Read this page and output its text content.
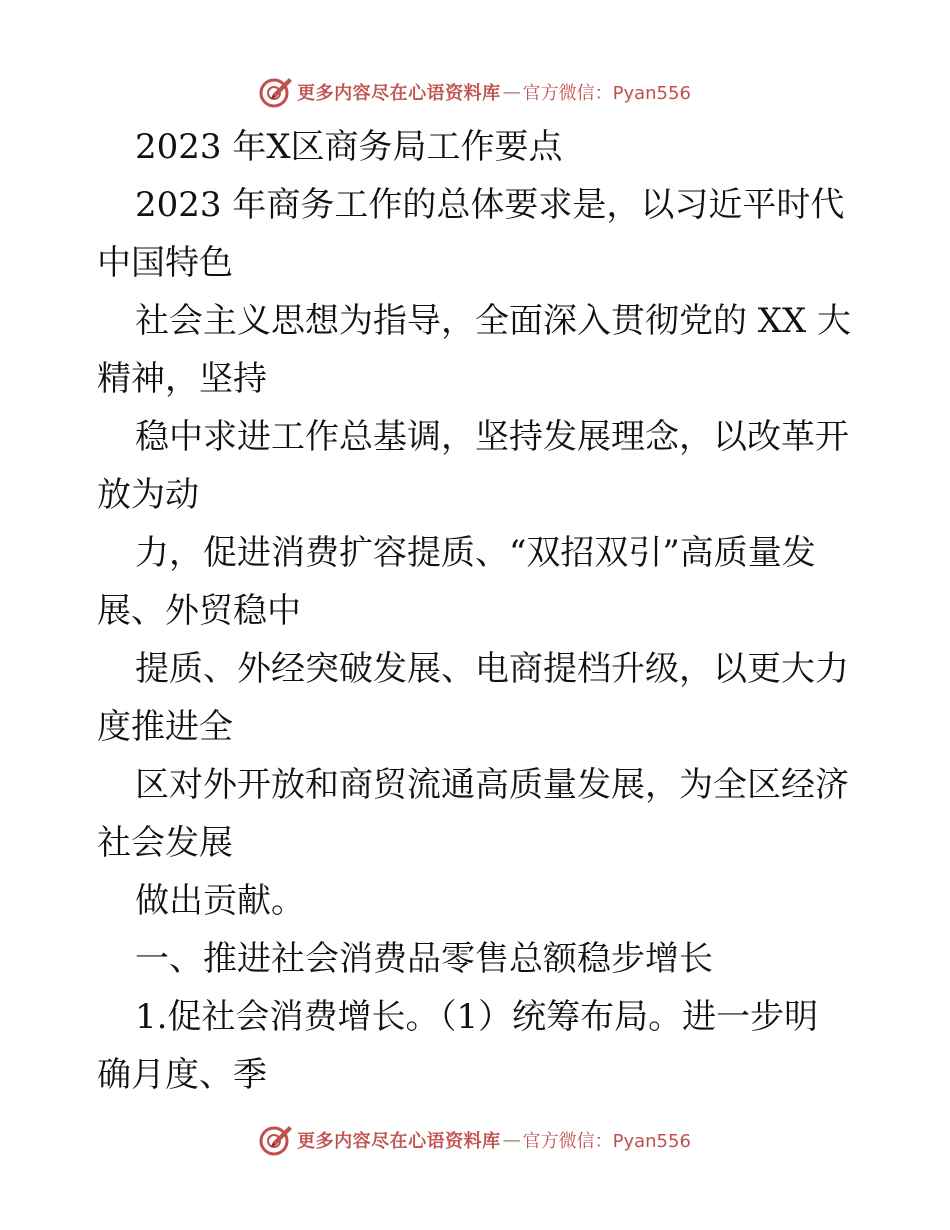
更多内容尽在心语资料库 — 官方微信：Pyan556
2023 年X区商务局工作要点
2023 年商务工作的总体要求是，以习近平时代
中国特色
社会主义思想为指导，全面深入贯彻党的 XX 大
精神，坚持
稳中求进工作总基调，坚持发展理念，以改革开
放为动
力，促进消费扩容提质、“双招双引”高质量发
展、外贸稳中
提质、外经突破发展、电商提档升级，以更大力
度推进全
区对外开放和商贸流通高质量发展，为全区经济
社会发展
做出贡献。
一、推进社会消费品零售总额稳步增长
1.促社会消费增长。（1）统筹布局。进一步明
确月度、季
更多内容尽在心语资料库 — 官方微信：Pyan556
